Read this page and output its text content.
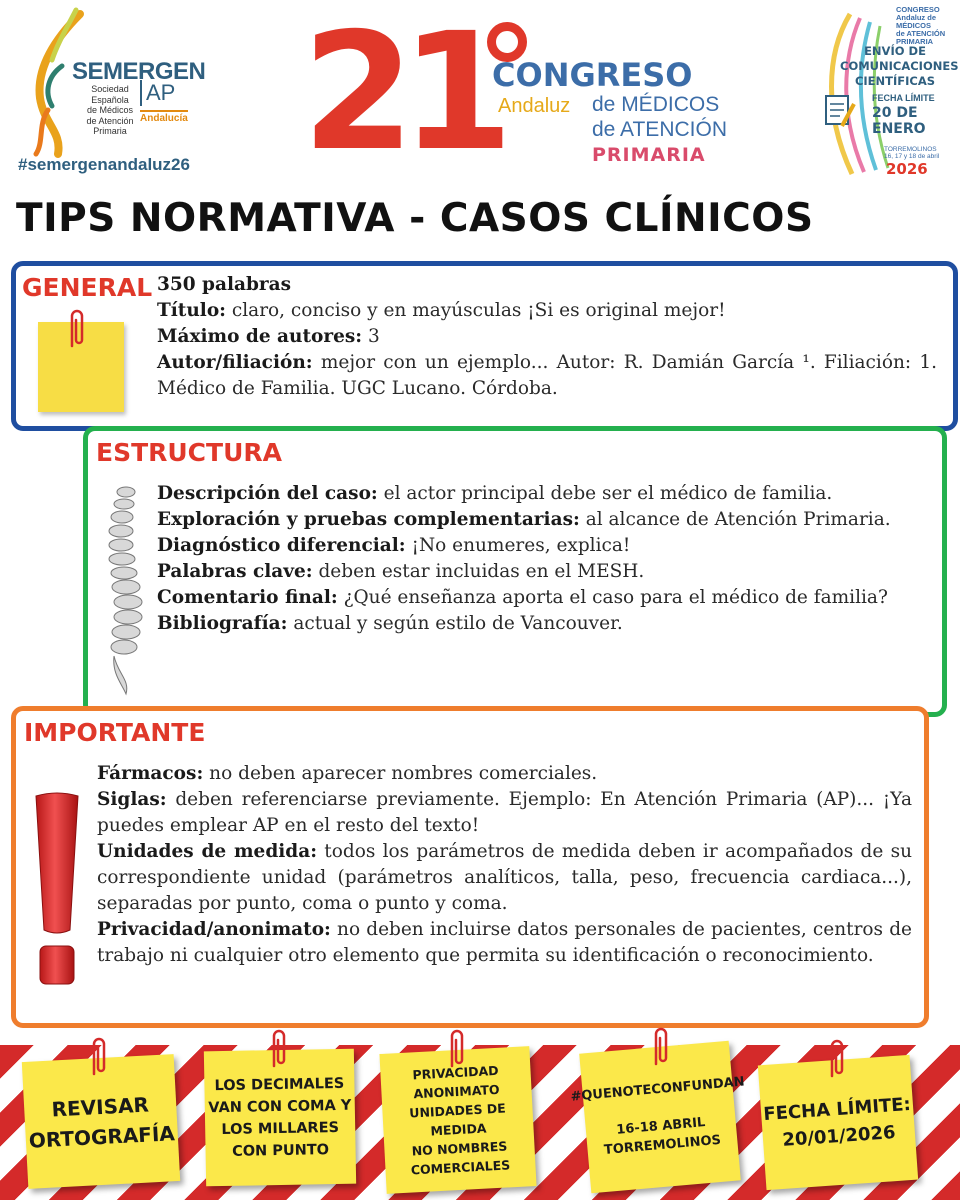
SEMERGEN
AP
Sociedad
Española
de Médicos
de Atención
Primaria
Andalucía
#semergenandaluz26 21
CONGRESO
Andaluz de MÉDICOS
de ATENCIÓN
PRIMARIA
CONGRESO
Andaluz de MÉDICOS
de ATENCIÓN
PRIMARIA
ENVÍO DE
COMUNICACIONES
CIENTÍFICAS
FECHA LÍMITE
20 DE ENERO
TORREMOLINOS
16, 17 y 18 de abril
2026
TIPS NORMATIVA - CASOS CLÍNICOS
GENERAL 350 palabras

Título: claro, conciso y en mayúsculas ¡Si es original mejor!

Máximo de autores: 3

Autor/filiación: mejor con un ejemplo... Autor: R. Damián García ¹. Filiación: 1. Médico de Familia. UGC Lucano. Córdoba.

ESTRUCTURA

Descripción del caso: el actor principal debe ser el médico de familia.

Exploración y pruebas complementarias: al alcance de Atención Primaria.

Diagnóstico diferencial: ¡No enumeres, explica!

Palabras clave: deben estar incluidas en el MESH.

Comentario final: ¿Qué enseñanza aporta el caso para el médico de familia?

Bibliografía: actual y según estilo de Vancouver.

IMPORTANTE

Fármacos: no deben aparecer nombres comerciales.

Siglas: deben referenciarse previamente. Ejemplo: En Atención Primaria (AP)... ¡Ya puedes emplear AP en el resto del texto!

Unidades de medida: todos los parámetros de medida deben ir acompañados de su correspondiente unidad (parámetros analíticos, talla, peso, frecuencia cardiaca...), separadas por punto, coma o punto y coma.

Privacidad/anonimato: no deben incluirse datos personales de pacientes, centros de trabajo ni cualquier otro elemento que permita su identificación o reconocimiento.

REVISAR
ORTOGRAFÍA
LOS DECIMALES
VAN CON COMA Y
LOS MILLARES
CON PUNTO
PRIVACIDAD
ANONIMATO
UNIDADES DE MEDIDA
NO NOMBRES
COMERCIALES
#QUENOTECONFUNDAN
16-18 ABRIL
TORREMOLINOS
FECHA LÍMITE:
20/01/2026
